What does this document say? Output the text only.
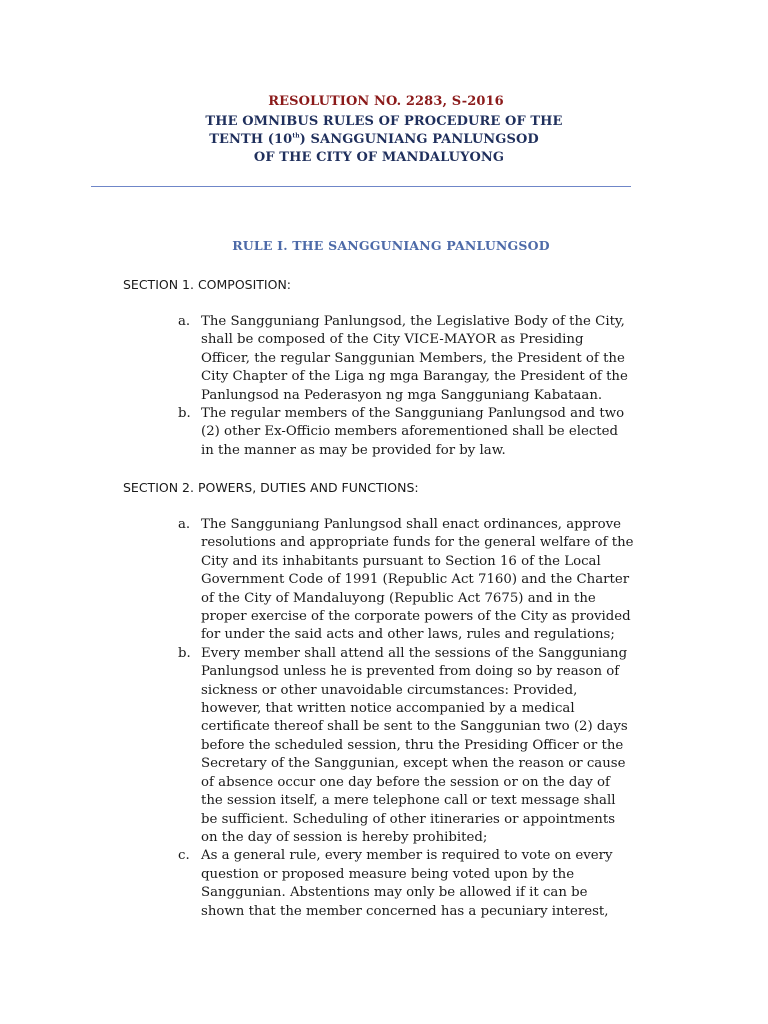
RESOLUTION NO. 2283, S-2016
THE OMNIBUS RULES OF PROCEDURE OF THE
TENTH (10th) SANGGUNIANG PANLUNGSOD
OF THE CITY OF MANDALUYONG
RULE I. THE SANGGUNIANG PANLUNGSOD
SECTION 1. COMPOSITION:
a. The Sangguniang Panlungsod, the Legislative Body of the City,
shall be composed of the City VICE-MAYOR as Presiding
Officer, the regular Sanggunian Members, the President of the
City Chapter of the Liga ng mga Barangay, the President of the
Panlungsod na Pederasyon ng mga Sangguniang Kabataan.
b. The regular members of the Sangguniang Panlungsod and two
(2) other Ex-Officio members aforementioned shall be elected
in the manner as may be provided for by law.
SECTION 2. POWERS, DUTIES AND FUNCTIONS:
a. The Sangguniang Panlungsod shall enact ordinances, approve
resolutions and appropriate funds for the general welfare of the
City and its inhabitants pursuant to Section 16 of the Local
Government Code of 1991 (Republic Act 7160) and the Charter
of the City of Mandaluyong (Republic Act 7675) and in the
proper exercise of the corporate powers of the City as provided
for under the said acts and other laws, rules and regulations;
b. Every member shall attend all the sessions of the Sangguniang
Panlungsod unless he is prevented from doing so by reason of
sickness or other unavoidable circumstances: Provided,
however, that written notice accompanied by a medical
certificate thereof shall be sent to the Sanggunian two (2) days
before the scheduled session, thru the Presiding Officer or the
Secretary of the Sanggunian, except when the reason or cause
of absence occur one day before the session or on the day of
the session itself, a mere telephone call or text message shall
be sufficient. Scheduling of other itineraries or appointments
on the day of session is hereby prohibited;
c. As a general rule, every member is required to vote on every
question or proposed measure being voted upon by the
Sanggunian. Abstentions may only be allowed if it can be
shown that the member concerned has a pecuniary interest,
